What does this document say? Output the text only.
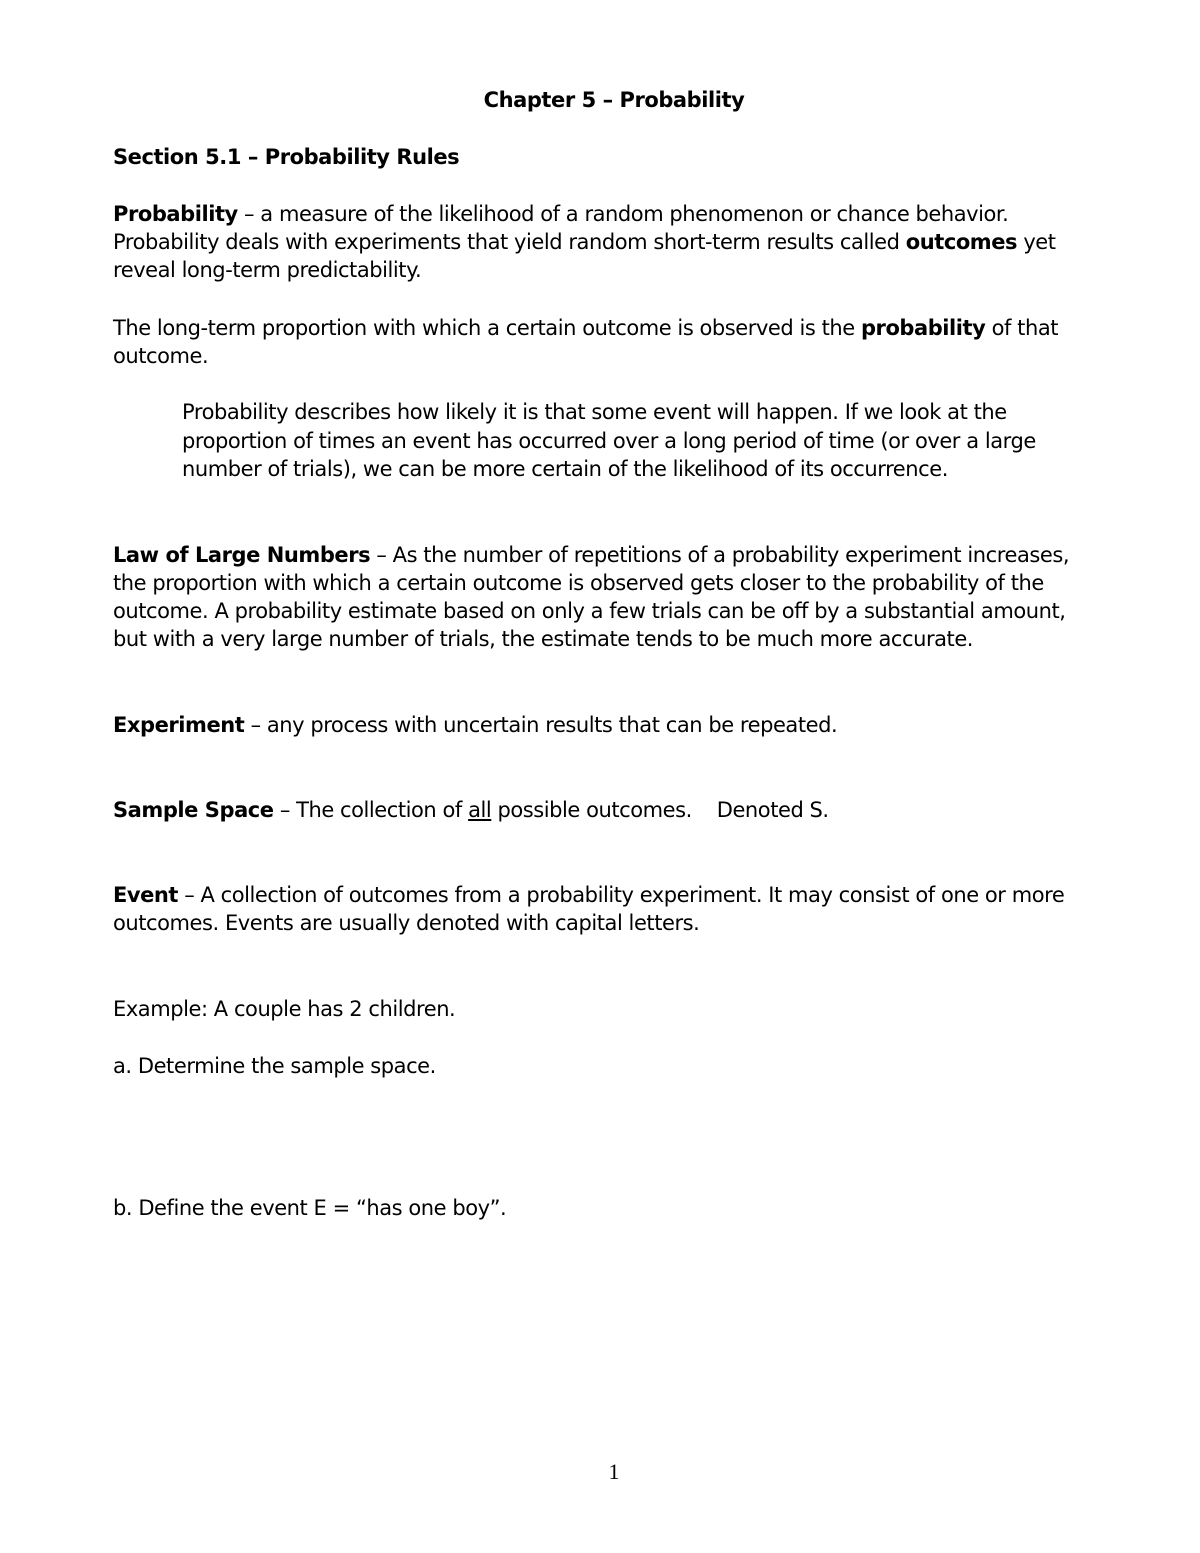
Chapter 5 – Probability
Section 5.1 – Probability Rules
Probability – a measure of the likelihood of a random phenomenon or chance behavior.
Probability deals with experiments that yield random short-term results called outcomes yet
reveal long-term predictability.
The long-term proportion with which a certain outcome is observed is the probability of that
outcome.
Probability describes how likely it is that some event will happen. If we look at the
proportion of times an event has occurred over a long period of time (or over a large
number of trials), we can be more certain of the likelihood of its occurrence.
Law of Large Numbers – As the number of repetitions of a probability experiment increases,
the proportion with which a certain outcome is observed gets closer to the probability of the
outcome. A probability estimate based on only a few trials can be off by a substantial amount,
but with a very large number of trials, the estimate tends to be much more accurate.
Experiment – any process with uncertain results that can be repeated.
Sample Space – The collection of all possible outcomes.    Denoted S.
Event – A collection of outcomes from a probability experiment. It may consist of one or more
outcomes. Events are usually denoted with capital letters.
Example: A couple has 2 children.
a. Determine the sample space.
b. Define the event E = “has one boy”.
1
